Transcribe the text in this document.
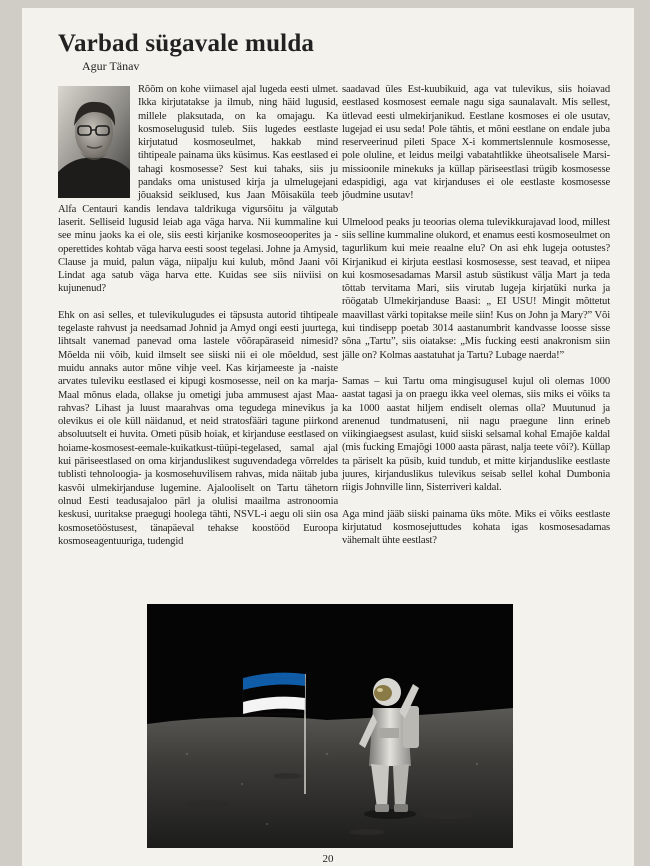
Varbad sügavale mulda
Agur Tänav

Rõõm on kohe viimasel ajal lugeda eesti ulmet. Ikka kirjutatakse ja ilmub, ning häid lugusid, millele plaksutada, on ka omajagu. Ka kosmoselugusid tuleb. Siis lugedes eestlaste kirjutatud kosmoseulmet, hakkab mind tihtipeale painama üks küsimus. Kas eestlased ei tahagi kosmosesse? Sest kui tahaks, siis ju pandaks oma unistused kirja ja ulmelugejani jõuaksid seiklused, kus Jaan Mõisaküla teeb Alfa Centauri kandis lendava taldrikuga vigursõitu ja välgutab laserit. Selliseid lugusid leiab aga väga harva. Nii kummaline kui see minu jaoks ka ei ole, siis eesti kirjanike kosmoseooperites ja -operettides kohtab väga harva eesti soost tegelasi. Johne ja Amysid, Clause ja muid, palun väga, niipalju kui kulub, mõnd Jaani või Lindat aga satub väga harva ette. Kuidas see siis niiviisi on kujunenud?

Ehk on asi selles, et tulevikulugudes ei täpsusta autorid tihtipeale tegelaste rahvust ja needsamad Johnid ja Amyd ongi eesti juurtega, lihtsalt vanemad panevad oma lastele võõrapäraseid nimesid? Mõelda nii võib, kuid ilmselt see siiski nii ei ole mõeldud, sest muidu annaks autor mõne vihje veel. Kas kirjameeste ja -naiste arvates tuleviku eestlased ei kipugi kosmosesse, neil on ka marja-Maal mõnus elada, ollakse ju ometigi juba ammusest ajast Maa-rahvas? Lihast ja luust maarahvas oma tegudega minevikus ja olevikus ei ole küll näidanud, et neid stratosfääri tagune piirkond absoluutselt ei huvita. Ometi püsib hoiak, et kirjanduse eestlased on hoiame-kosmosest-eemale-kuikatkust-tüüpi-tegelased, samal ajal kui päriseestlased on oma kirjanduslikest suguvendadega võrreldes tublisti tehnoloogia- ja kosmosehuvilisem rahvas, mida näitab juba kasvõi ulmekirjanduse lugemine. Ajalooliselt on Tartu tähetorn olnud Eesti teadusajaloo pärl ja olulisi maailma astronoomia keskusi, uuritakse praegugi hoolega tähti, NSVL-i aegu oli siin osa kosmosetööstusest, tänapäeval tehakse koostööd Euroopa kosmoseagentuuriga, tudengid

saadavad üles Est-kuubikuid, aga vat tulevikus, siis hoiavad eestlased kosmosest eemale nagu siga saunalavalt. Mis sellest, ütlevad eesti ulmekirjanikud. Eestlane kosmoses ei ole usutav, lugejad ei usu seda! Pole tähtis, et mõni eestlane on endale juba reserveerinud pileti Space X-i kommertslennule kosmosesse, pole oluline, et leidus meilgi vabatahtlikke üheotsalisele Marsi-missioonile minekuks ja küllap päriseestlasi trügib kosmosesse edaspidigi, aga vat kirjanduses ei ole eestlaste kosmosesse jõudmine usutav!

Ulmelood peaks ju teoorias olema tulevikkurajavad lood, millest siis selline kummaline olukord, et enamus eesti kosmoseulmet on tagurlikum kui meie reaalne elu? On asi ehk lugeja ootustes? Kirjanikud ei kirjuta eestlasi kosmosesse, sest teavad, et niipea kui kosmosesadamas Marsil astub süstikust välja Mart ja teda tõttab tervitama Mari, siis virutab lugeja kirjatüki nurka ja röögatab Ulmekirjanduse Baasi: „ EI USU! Mingit mõttetut maavillast värki topitakse meile siin! Kus on John ja Mary?” Või kui tindisepp poetab 3014 aastanumbrit kandvasse loosse sisse sõna „Tartu”, siis oiatakse: „Mis fucking eesti anakronism siin jälle on? Kolmas aastatuhat ja Tartu? Lubage naerda!”

Samas – kui Tartu oma mingisugusel kujul oli olemas 1000 aastat tagasi ja on praegu ikka veel olemas, siis miks ei võiks ta ka 1000 aastat hiljem endiselt olemas olla? Muutunud ja arenenud tundmatuseni, nii nagu praegune linn erineb viikingiaegsest asulast, kuid siiski selsamal kohal Emajõe kaldal (mis fucking Emajõgi 1000 aasta pärast, nalja teete või?). Küllap ta päriselt ka püsib, kuid tundub, et mitte kirjanduslike eestlaste juures, kirjanduslikus tulevikus seisab sellel kohal Dumbonia riigis Johnville linn, Sisterriveri kaldal.

Aga mind jääb siiski painama üks mõte. Miks ei võiks eestlaste kirjutatud kosmosejuttudes kohata igas kosmosesadamas vähemalt ühte eestlast?

20
